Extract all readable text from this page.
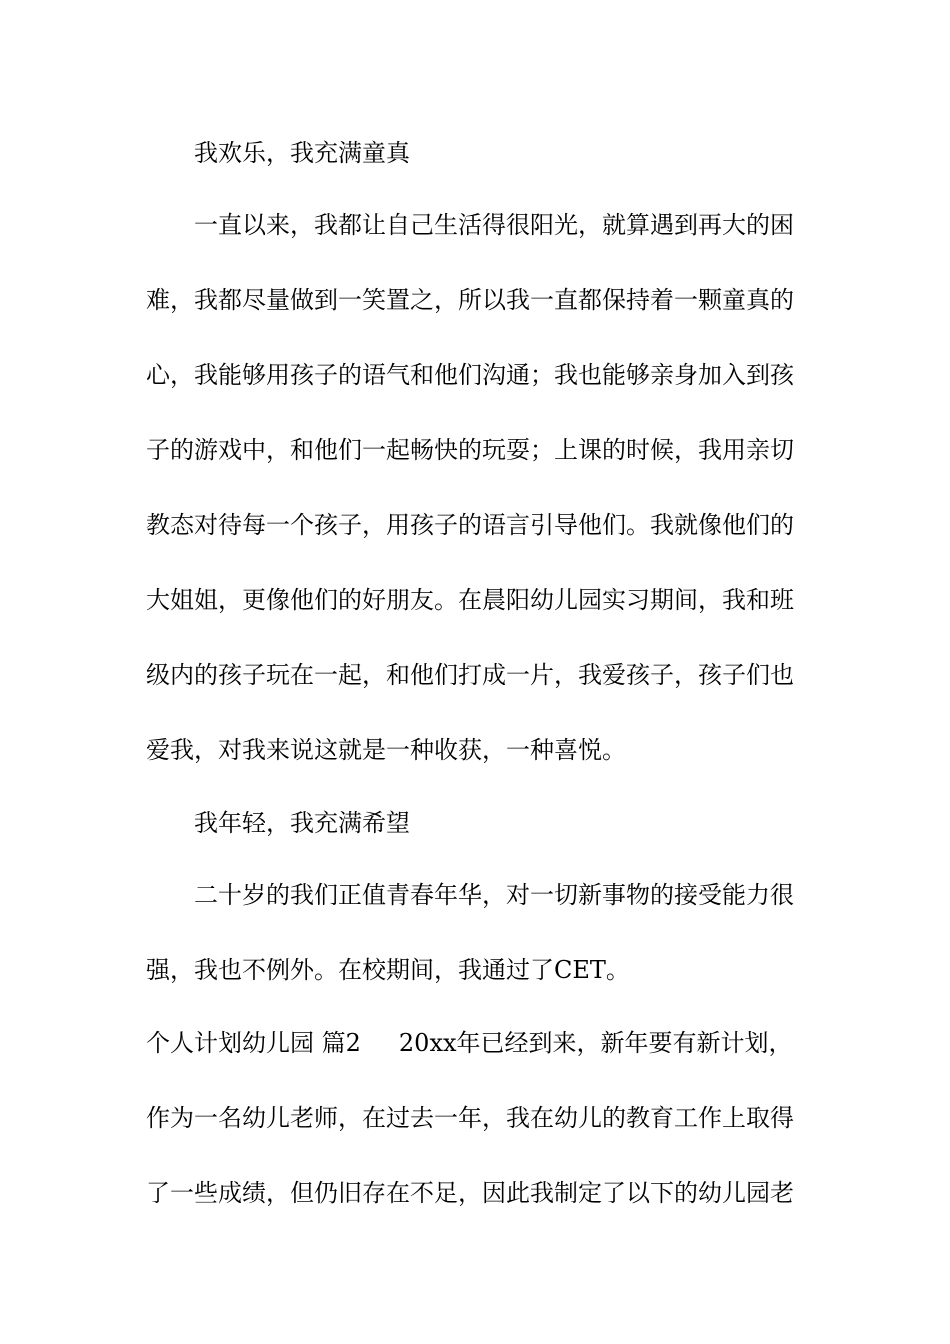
我欢乐，我充满童真
一直以来，我都让自己生活得很阳光，就算遇到再大的困
难，我都尽量做到一笑置之，所以我一直都保持着一颗童真的
心，我能够用孩子的语气和他们沟通；我也能够亲身加入到孩
子的游戏中，和他们一起畅快的玩耍；上课的时候，我用亲切
教态对待每一个孩子，用孩子的语言引导他们。我就像他们的
大姐姐，更像他们的好朋友。在晨阳幼儿园实习期间，我和班
级内的孩子玩在一起，和他们打成一片，我爱孩子，孩子们也
爱我，对我来说这就是一种收获，一种喜悦。
我年轻，我充满希望
二十岁的我们正值青春年华，对一切新事物的接受能力很
强，我也不例外。在校期间，我通过了CET。
个人计划幼儿园 篇2 20xx年已经到来，新年要有新计划，
作为一名幼儿老师，在过去一年，我在幼儿的教育工作上取得
了一些成绩，但仍旧存在不足，因此我制定了以下的幼儿园老
